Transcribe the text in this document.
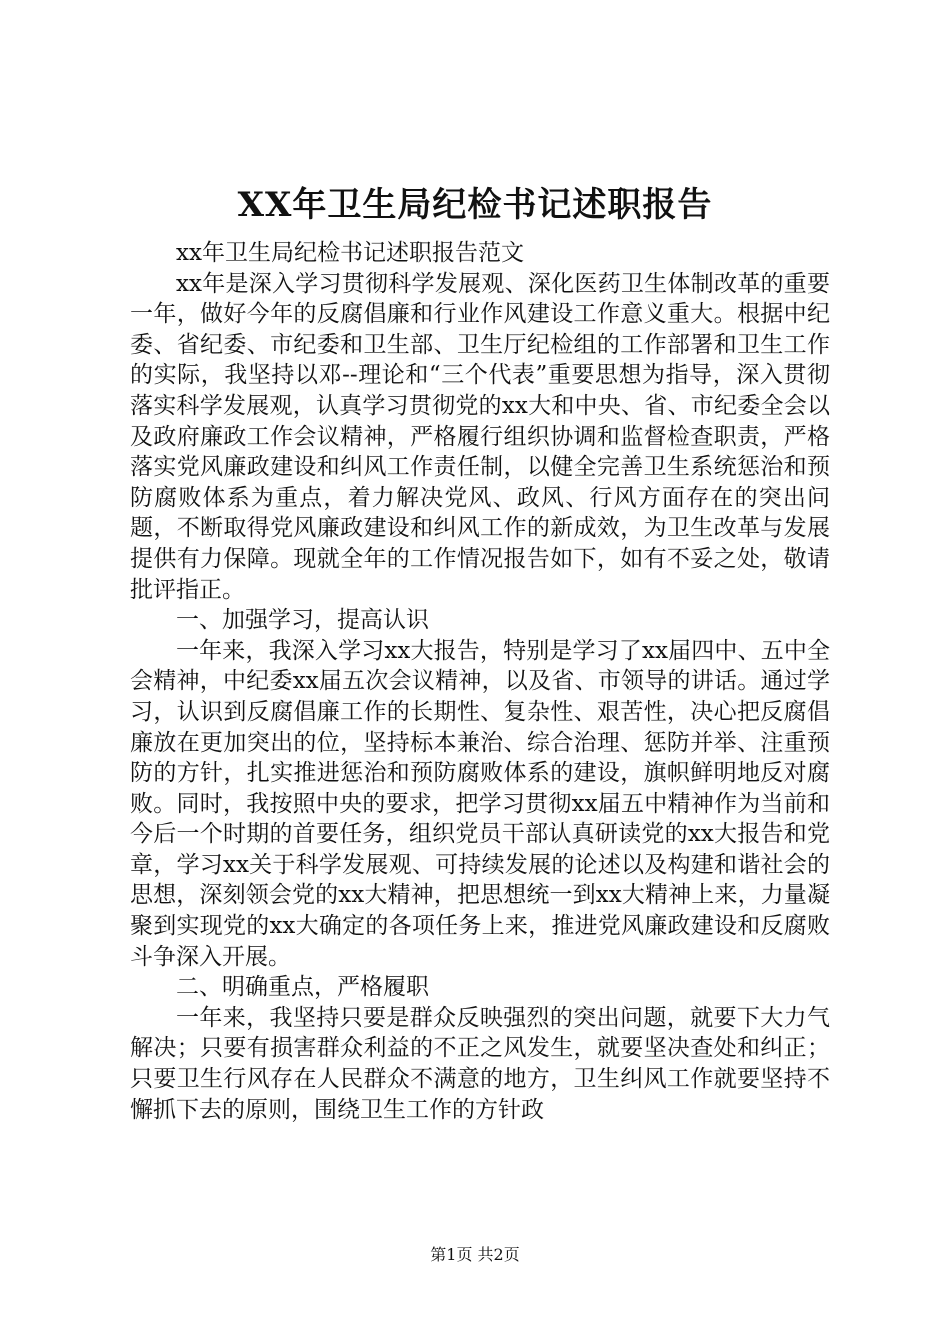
XX年卫生局纪检书记述职报告

xx年卫生局纪检书记述职报告范文

xx年是深入学习贯彻科学发展观、深化医药卫生体制改革的重要一年，做好今年的反腐倡廉和行业作风建设工作意义重大。根据中纪委、省纪委、市纪委和卫生部、卫生厅纪检组的工作部署和卫生工作的实际，我坚持以邓--理论和“三个代表”重要思想为指导，深入贯彻落实科学发展观，认真学习贯彻党的xx大和中央、省、市纪委全会以及政府廉政工作会议精神，严格履行组织协调和监督检查职责，严格落实党风廉政建设和纠风工作责任制，以健全完善卫生系统惩治和预防腐败体系为重点，着力解决党风、政风、行风方面存在的突出问题，不断取得党风廉政建设和纠风工作的新成效，为卫生改革与发展提供有力保障。现就全年的工作情况报告如下，如有不妥之处，敬请批评指正。

一、加强学习，提高认识

一年来，我深入学习xx大报告，特别是学习了xx届四中、五中全会精神，中纪委xx届五次会议精神，以及省、市领导的讲话。通过学习，认识到反腐倡廉工作的长期性、复杂性、艰苦性，决心把反腐倡廉放在更加突出的位，坚持标本兼治、综合治理、惩防并举、注重预防的方针，扎实推进惩治和预防腐败体系的建设，旗帜鲜明地反对腐败。同时，我按照中央的要求，把学习贯彻xx届五中精神作为当前和今后一个时期的首要任务，组织党员干部认真研读党的xx大报告和党章，学习xx关于科学发展观、可持续发展的论述以及构建和谐社会的思想，深刻领会党的xx大精神，把思想统一到xx大精神上来，力量凝聚到实现党的xx大确定的各项任务上来，推进党风廉政建设和反腐败斗争深入开展。

二、明确重点，严格履职

一年来，我坚持只要是群众反映强烈的突出问题，就要下大力气解决；只要有损害群众利益的不正之风发生，就要坚决查处和纠正；只要卫生行风存在人民群众不满意的地方，卫生纠风工作就要坚持不懈抓下去的原则，围绕卫生工作的方针政

第1页 共2页
